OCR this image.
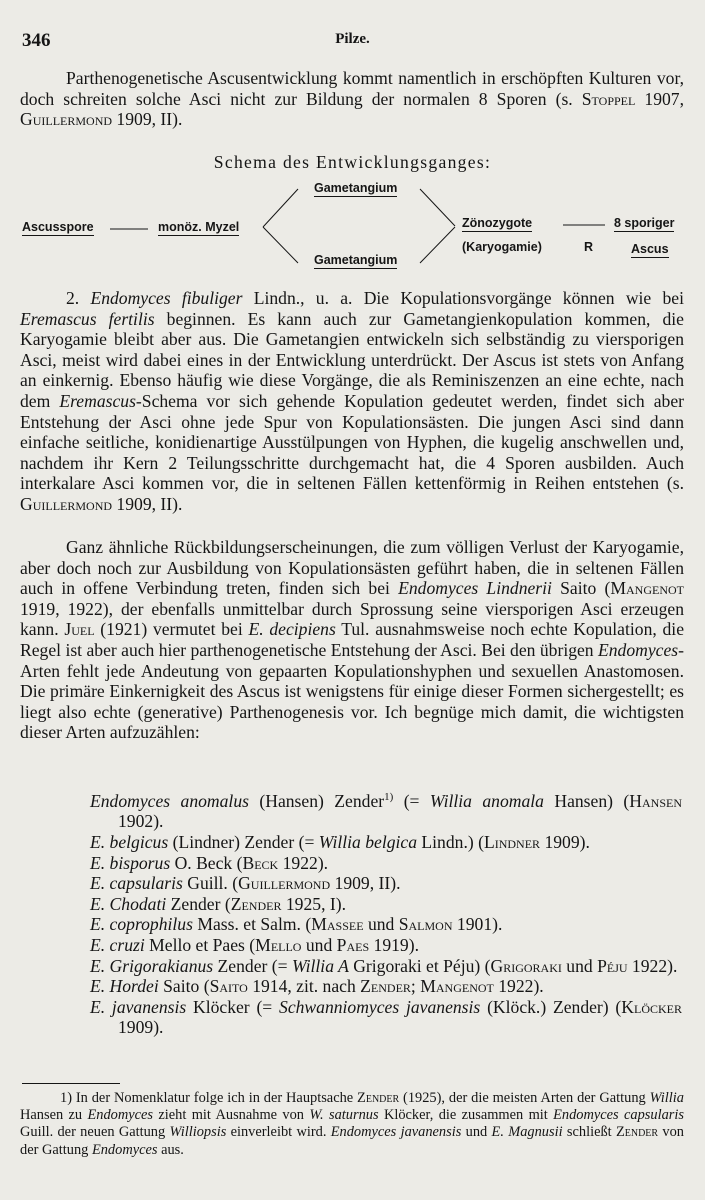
346	Pilze.
Parthenogenetische Ascusentwicklung kommt namentlich in erschöpften Kulturen vor, doch schreiten solche Asci nicht zur Bildung der normalen 8 Sporen (s. Stoppel 1907, Guillermond 1909, II).
Schema des Entwicklungsganges:
Ascusspore	monöz. Myzel
Gametangium
Gametangium
Zönozygote	8 sporiger
(Karyogamie)	R	Ascus
2. Endomyces fibuliger Lindn., u. a. Die Kopulationsvorgänge können wie bei Eremascus fertilis beginnen. Es kann auch zur Gametangienkopulation kommen, die Karyogamie bleibt aber aus. Die Gametangien entwickeln sich selbständig zu viersporigen Asci, meist wird dabei eines in der Entwicklung unterdrückt. Der Ascus ist stets von Anfang an einkernig. Ebenso häufig wie diese Vorgänge, die als Reminiszenzen an eine echte, nach dem Eremascus-Schema vor sich gehende Kopulation gedeutet werden, findet sich aber Entstehung der Asci ohne jede Spur von Kopulationsästen. Die jungen Asci sind dann einfache seitliche, konidienartige Ausstülpungen von Hyphen, die kugelig anschwellen und, nachdem ihr Kern 2 Teilungsschritte durchgemacht hat, die 4 Sporen ausbilden. Auch interkalare Asci kommen vor, die in seltenen Fällen kettenförmig in Reihen entstehen (s. Guillermond 1909, II).
Ganz ähnliche Rückbildungserscheinungen, die zum völligen Verlust der Karyogamie, aber doch noch zur Ausbildung von Kopulationsästen geführt haben, die in seltenen Fällen auch in offene Verbindung treten, finden sich bei Endomyces Lindnerii Saito (Mangenot 1919, 1922), der ebenfalls unmittelbar durch Sprossung seine viersporigen Asci erzeugen kann. Juel (1921) vermutet bei E. decipiens Tul. ausnahmsweise noch echte Kopulation, die Regel ist aber auch hier parthenogenetische Entstehung der Asci. Bei den übrigen Endomyces-Arten fehlt jede Andeutung von gepaarten Kopulationshyphen und sexuellen Anastomosen. Die primäre Einkernigkeit des Ascus ist wenigstens für einige dieser Formen sichergestellt; es liegt also echte (generative) Parthenogenesis vor. Ich begnüge mich damit, die wichtigsten dieser Arten aufzuzählen:
Endomyces anomalus (Hansen) Zender$^{1)}$ (= Willia anomala Hansen) (Hansen 1902).
E. belgicus (Lindner) Zender (= Willia belgica Lindn.) (Lindner 1909).
E. bisporus O. Beck (Beck 1922).
E. capsularis Guill. (Guillermond 1909, II).
E. Chodati Zender (Zender 1925, I).
E. coprophilus Mass. et Salm. (Massee und Salmon 1901).
E. cruzi Mello et Paes (Mello und Paes 1919).
E. Grigorakianus Zender (= Willia A Grigoraki et Péju) (Grigoraki und Péju 1922).
E. Hordei Saito (Saito 1914, zit. nach Zender; Mangenot 1922).
E. javanensis Klöcker (= Schwanniomyces javanensis (Klöck.) Zender) (Klöcker 1909).
1) In der Nomenklatur folge ich in der Hauptsache Zender (1925), der die meisten Arten der Gattung Willia Hansen zu Endomyces zieht mit Ausnahme von W. saturnus Klöcker, die zusammen mit Endomyces capsularis Guill. der neuen Gattung Williopsis einverleibt wird. Endomyces javanensis und E. Magnusii schließt Zender von der Gattung Endomyces aus.
